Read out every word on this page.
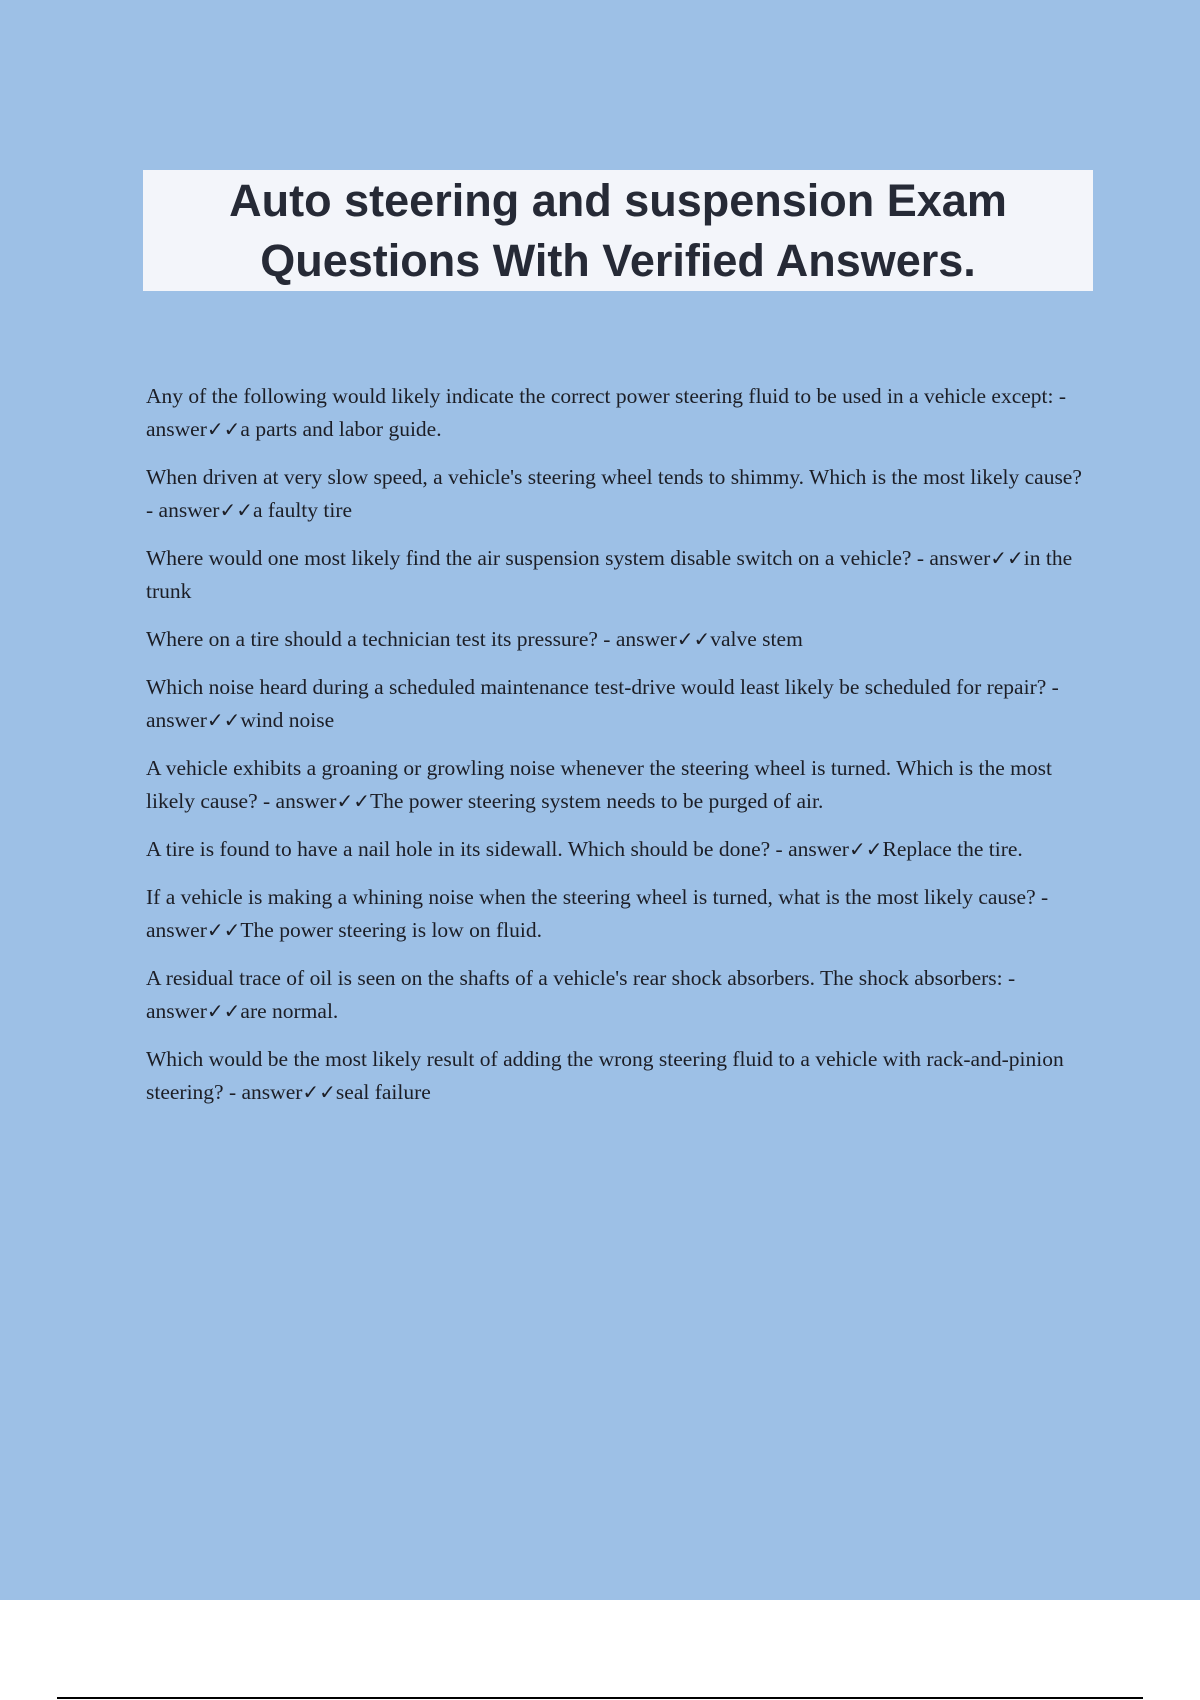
Auto steering and suspension Exam
Questions With Verified Answers.
Any of the following would likely indicate the correct power steering fluid to be used in a vehicle except: - answer✓✓a parts and labor guide.
When driven at very slow speed, a vehicle's steering wheel tends to shimmy. Which is the most likely cause? - answer✓✓a faulty tire
Where would one most likely find the air suspension system disable switch on a vehicle? - answer✓✓in the trunk
Where on a tire should a technician test its pressure? - answer✓✓valve stem
Which noise heard during a scheduled maintenance test-drive would least likely be scheduled for repair? - answer✓✓wind noise
A vehicle exhibits a groaning or growling noise whenever the steering wheel is turned. Which is the most likely cause? - answer✓✓The power steering system needs to be purged of air.
A tire is found to have a nail hole in its sidewall. Which should be done? - answer✓✓Replace the tire.
If a vehicle is making a whining noise when the steering wheel is turned, what is the most likely cause? - answer✓✓The power steering is low on fluid.
A residual trace of oil is seen on the shafts of a vehicle's rear shock absorbers. The shock absorbers: - answer✓✓are normal.
Which would be the most likely result of adding the wrong steering fluid to a vehicle with rack-and-pinion steering? - answer✓✓seal failure
